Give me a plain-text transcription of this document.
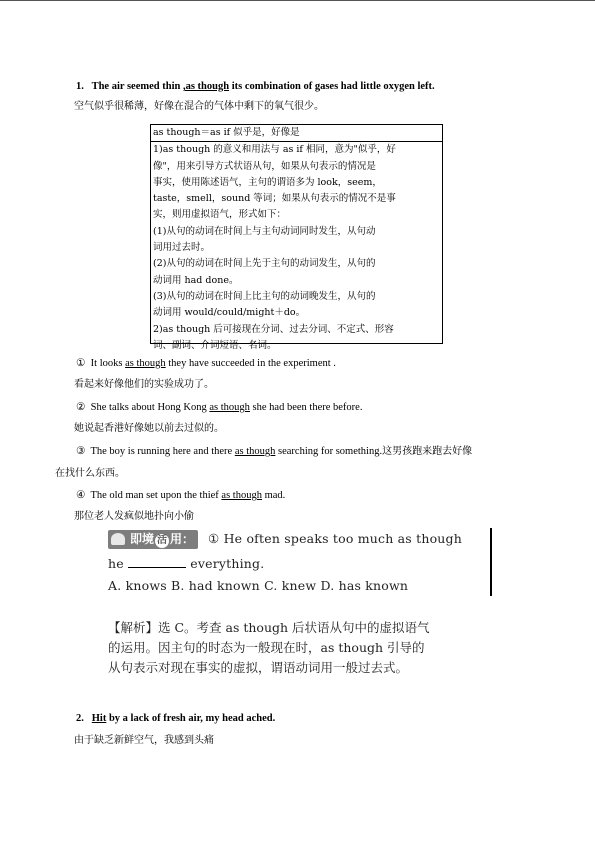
1. The air seemed thin ,as though its combination of gases had little oxygen left.
空气似乎很稀薄，好像在混合的气体中剩下的氧气很少。
as though＝as if 似乎是，好像是
1)as though 的意义和用法与 as if 相同，意为"似乎，好
像"，用来引导方式状语从句，如果从句表示的情况是
事实，使用陈述语气，主句的谓语多为 look，seem，
taste，smell，sound 等词；如果从句表示的情况不是事
实，则用虚拟语气，形式如下：
(1)从句的动词在时间上与主句动词同时发生，从句动
词用过去时。
(2)从句的动词在时间上先于主句的动词发生，从句的
动词用 had done。
(3)从句的动词在时间上比主句的动词晚发生，从句的
动词用 would/could/might＋do。
2)as though 后可接现在分词、过去分词、不定式、形容
词、副词、介词短语、名词。
① It looks as though they have succeeded in the experiment .
看起来好像他们的实验成功了。
② She talks about Hong Kong as though she had been there before.
她说起香港好像她以前去过似的。
③ The boy is running here and there as though searching for something.这男孩跑来跑去好像
在找什么东西。
④ The old man set upon the thief as though mad.
那位老人发疯似地扑向小偷
即境 活 用：	① He often speaks too much as though
he	everything.
A. knows B. had known C. knew D. has known
【解析】选 C。考查 as though 后状语从句中的虚拟语气
的运用。因主句的时态为一般现在时，as though 引导的
从句表示对现在事实的虚拟，谓语动词用一般过去式。
2. Hit by a lack of fresh air, my head ached.
由于缺乏新鲜空气，我感到头痛
